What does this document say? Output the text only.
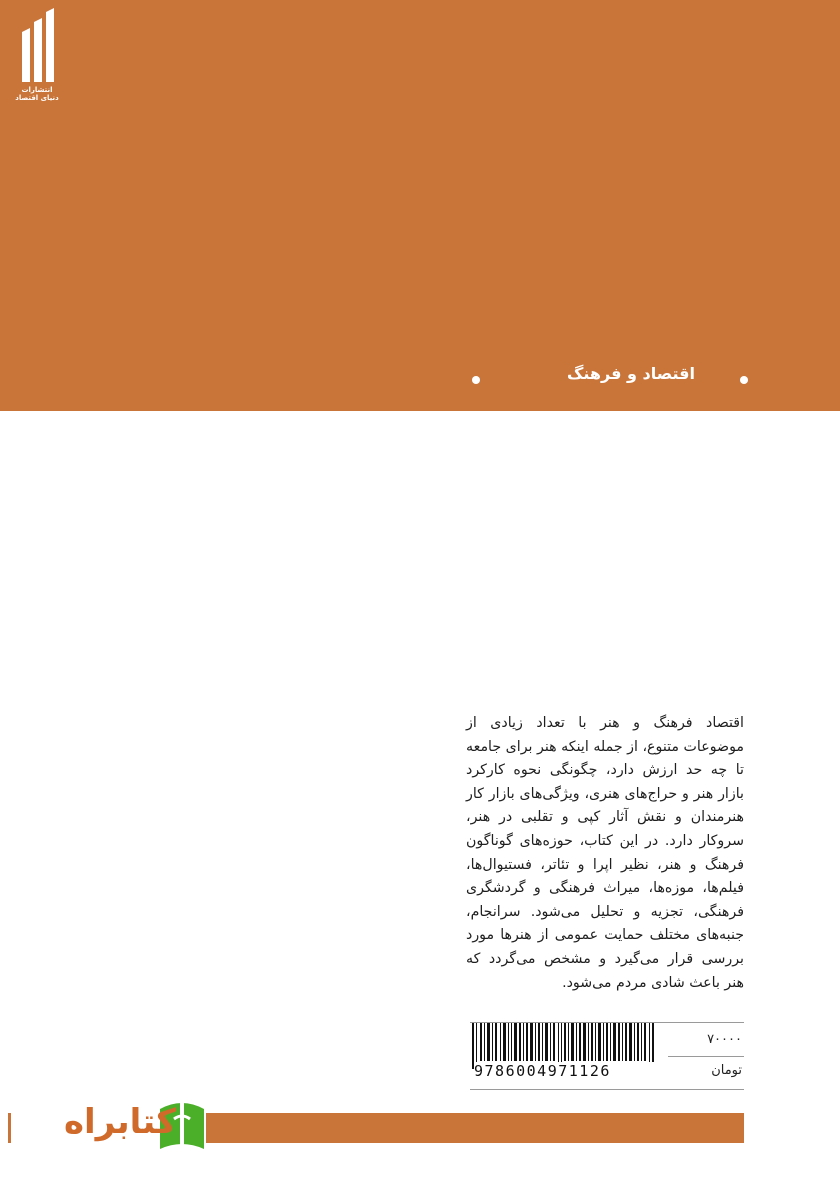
انتشارات
دنیای اقتصاد
اقتصاد و فرهنگ
اقتصاد فرهنگ و هنر با تعداد زیادی از موضوعات متنوع، از جمله اینکه هنر برای جامعه تا چه حد ارزش دارد، چگونگی نحوه کارکرد بازار هنر و حراج‌های هنری، ویژگی‌های بازار کار هنرمندان و نقش آثار کپی و تقلبی در هنر، سروکار دارد. در این کتاب، حوزه‌های گوناگون فرهنگ و هنر، نظیر اپرا و تئاتر، فستیوال‌ها، فیلم‌ها، موزه‌ها، میراث فرهنگی و گردشگری فرهنگی، تجزیه و تحلیل می‌شود. سرانجام، جنبه‌های مختلف حمایت عمومی از هنرها مورد بررسی قرار می‌گیرد و مشخص می‌گردد که هنر باعث شادی مردم می‌شود.
9786004971126
۷۰۰۰۰
تومان
کتابراه
